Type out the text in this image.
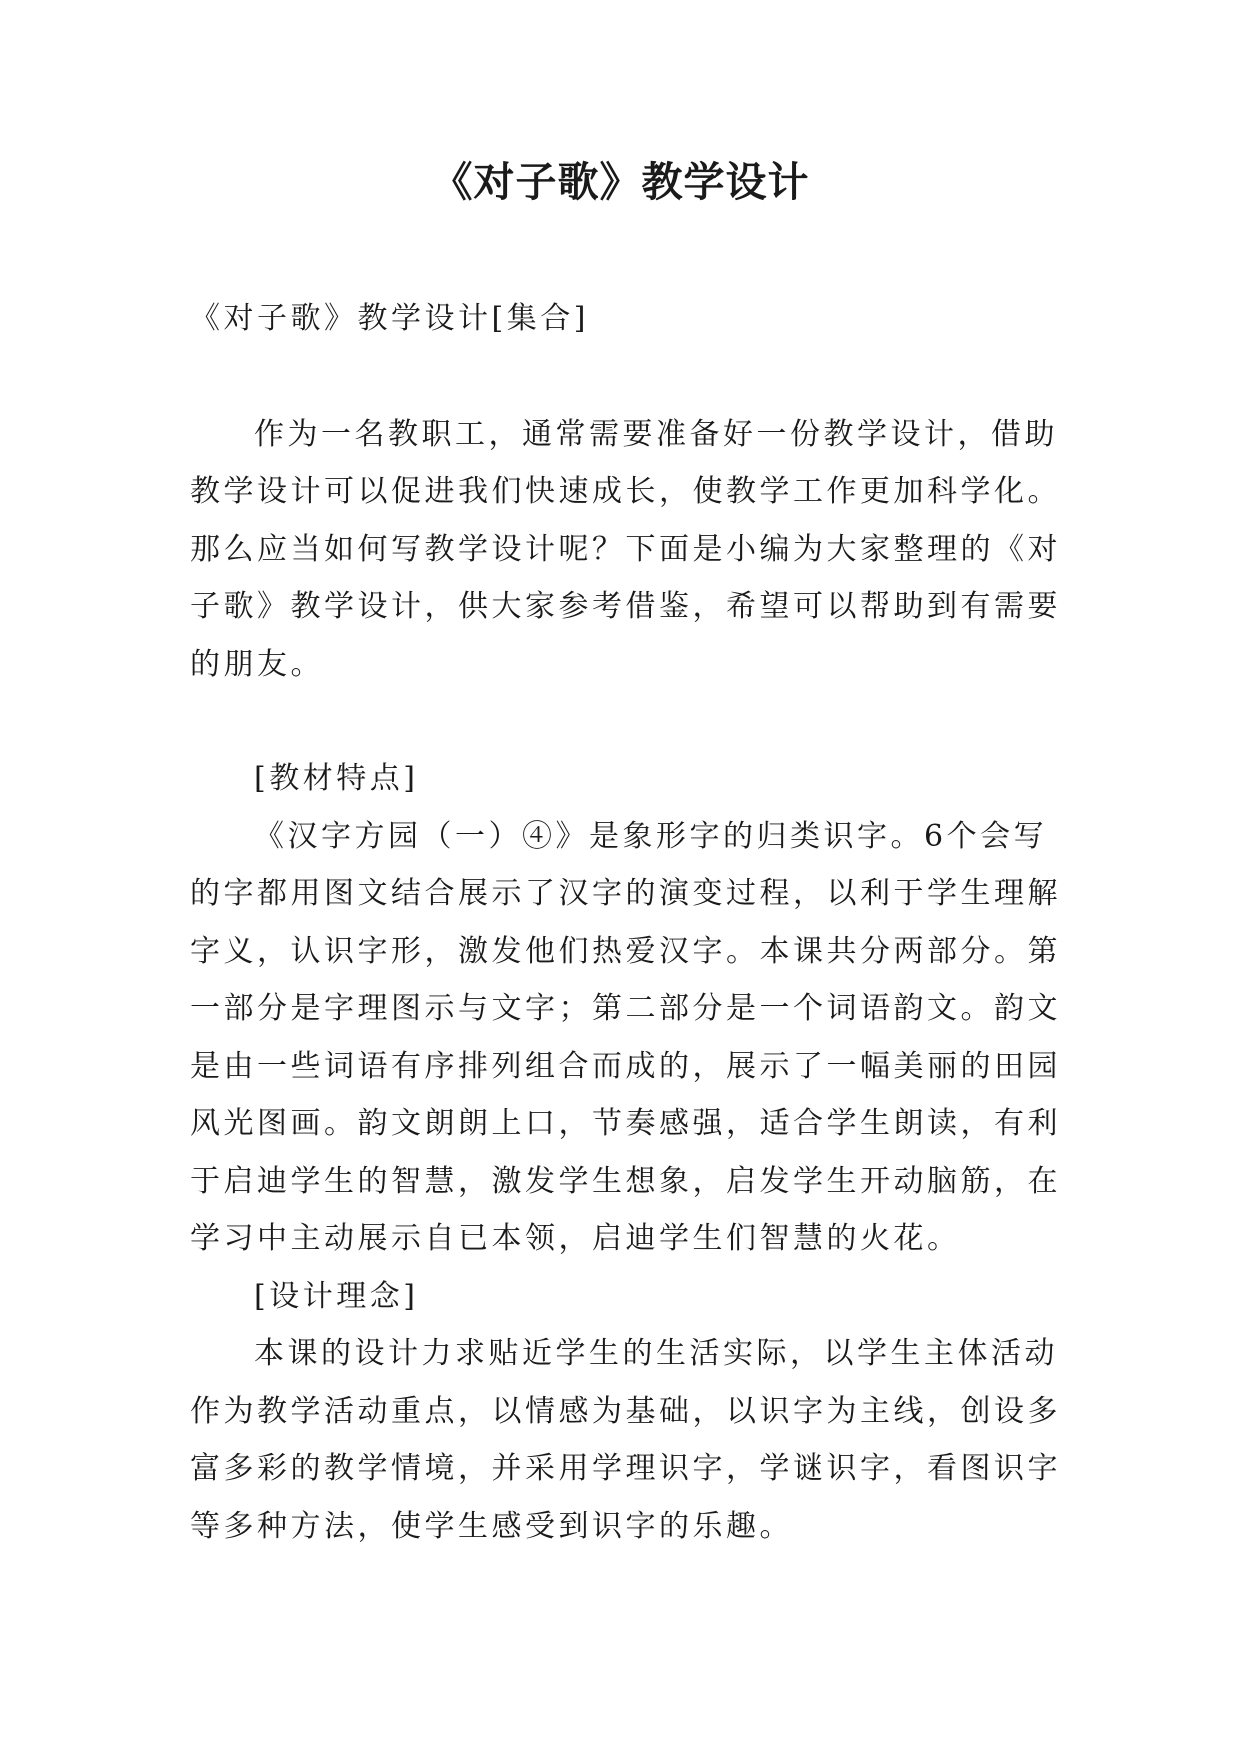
《对子歌》教学设计

《对子歌》教学设计[集合]

作为一名教职工，通常需要准备好一份教学设计，借助教学设计可以促进我们快速成长，使教学工作更加科学化。那么应当如何写教学设计呢？下面是小编为大家整理的《对子歌》教学设计，供大家参考借鉴，希望可以帮助到有需要的朋友。

[教材特点]

《汉字方园（一）④》是象形字的归类识字。6个会写的字都用图文结合展示了汉字的演变过程，以利于学生理解字义，认识字形，激发他们热爱汉字。本课共分两部分。第一部分是字理图示与文字；第二部分是一个词语韵文。韵文是由一些词语有序排列组合而成的，展示了一幅美丽的田园风光图画。韵文朗朗上口，节奏感强，适合学生朗读，有利于启迪学生的智慧，激发学生想象，启发学生开动脑筋，在学习中主动展示自已本领，启迪学生们智慧的火花。

[设计理念]

本课的设计力求贴近学生的生活实际，以学生主体活动作为教学活动重点，以情感为基础，以识字为主线，创设多富多彩的教学情境，并采用学理识字，学谜识字，看图识字等多种方法，使学生感受到识字的乐趣。
